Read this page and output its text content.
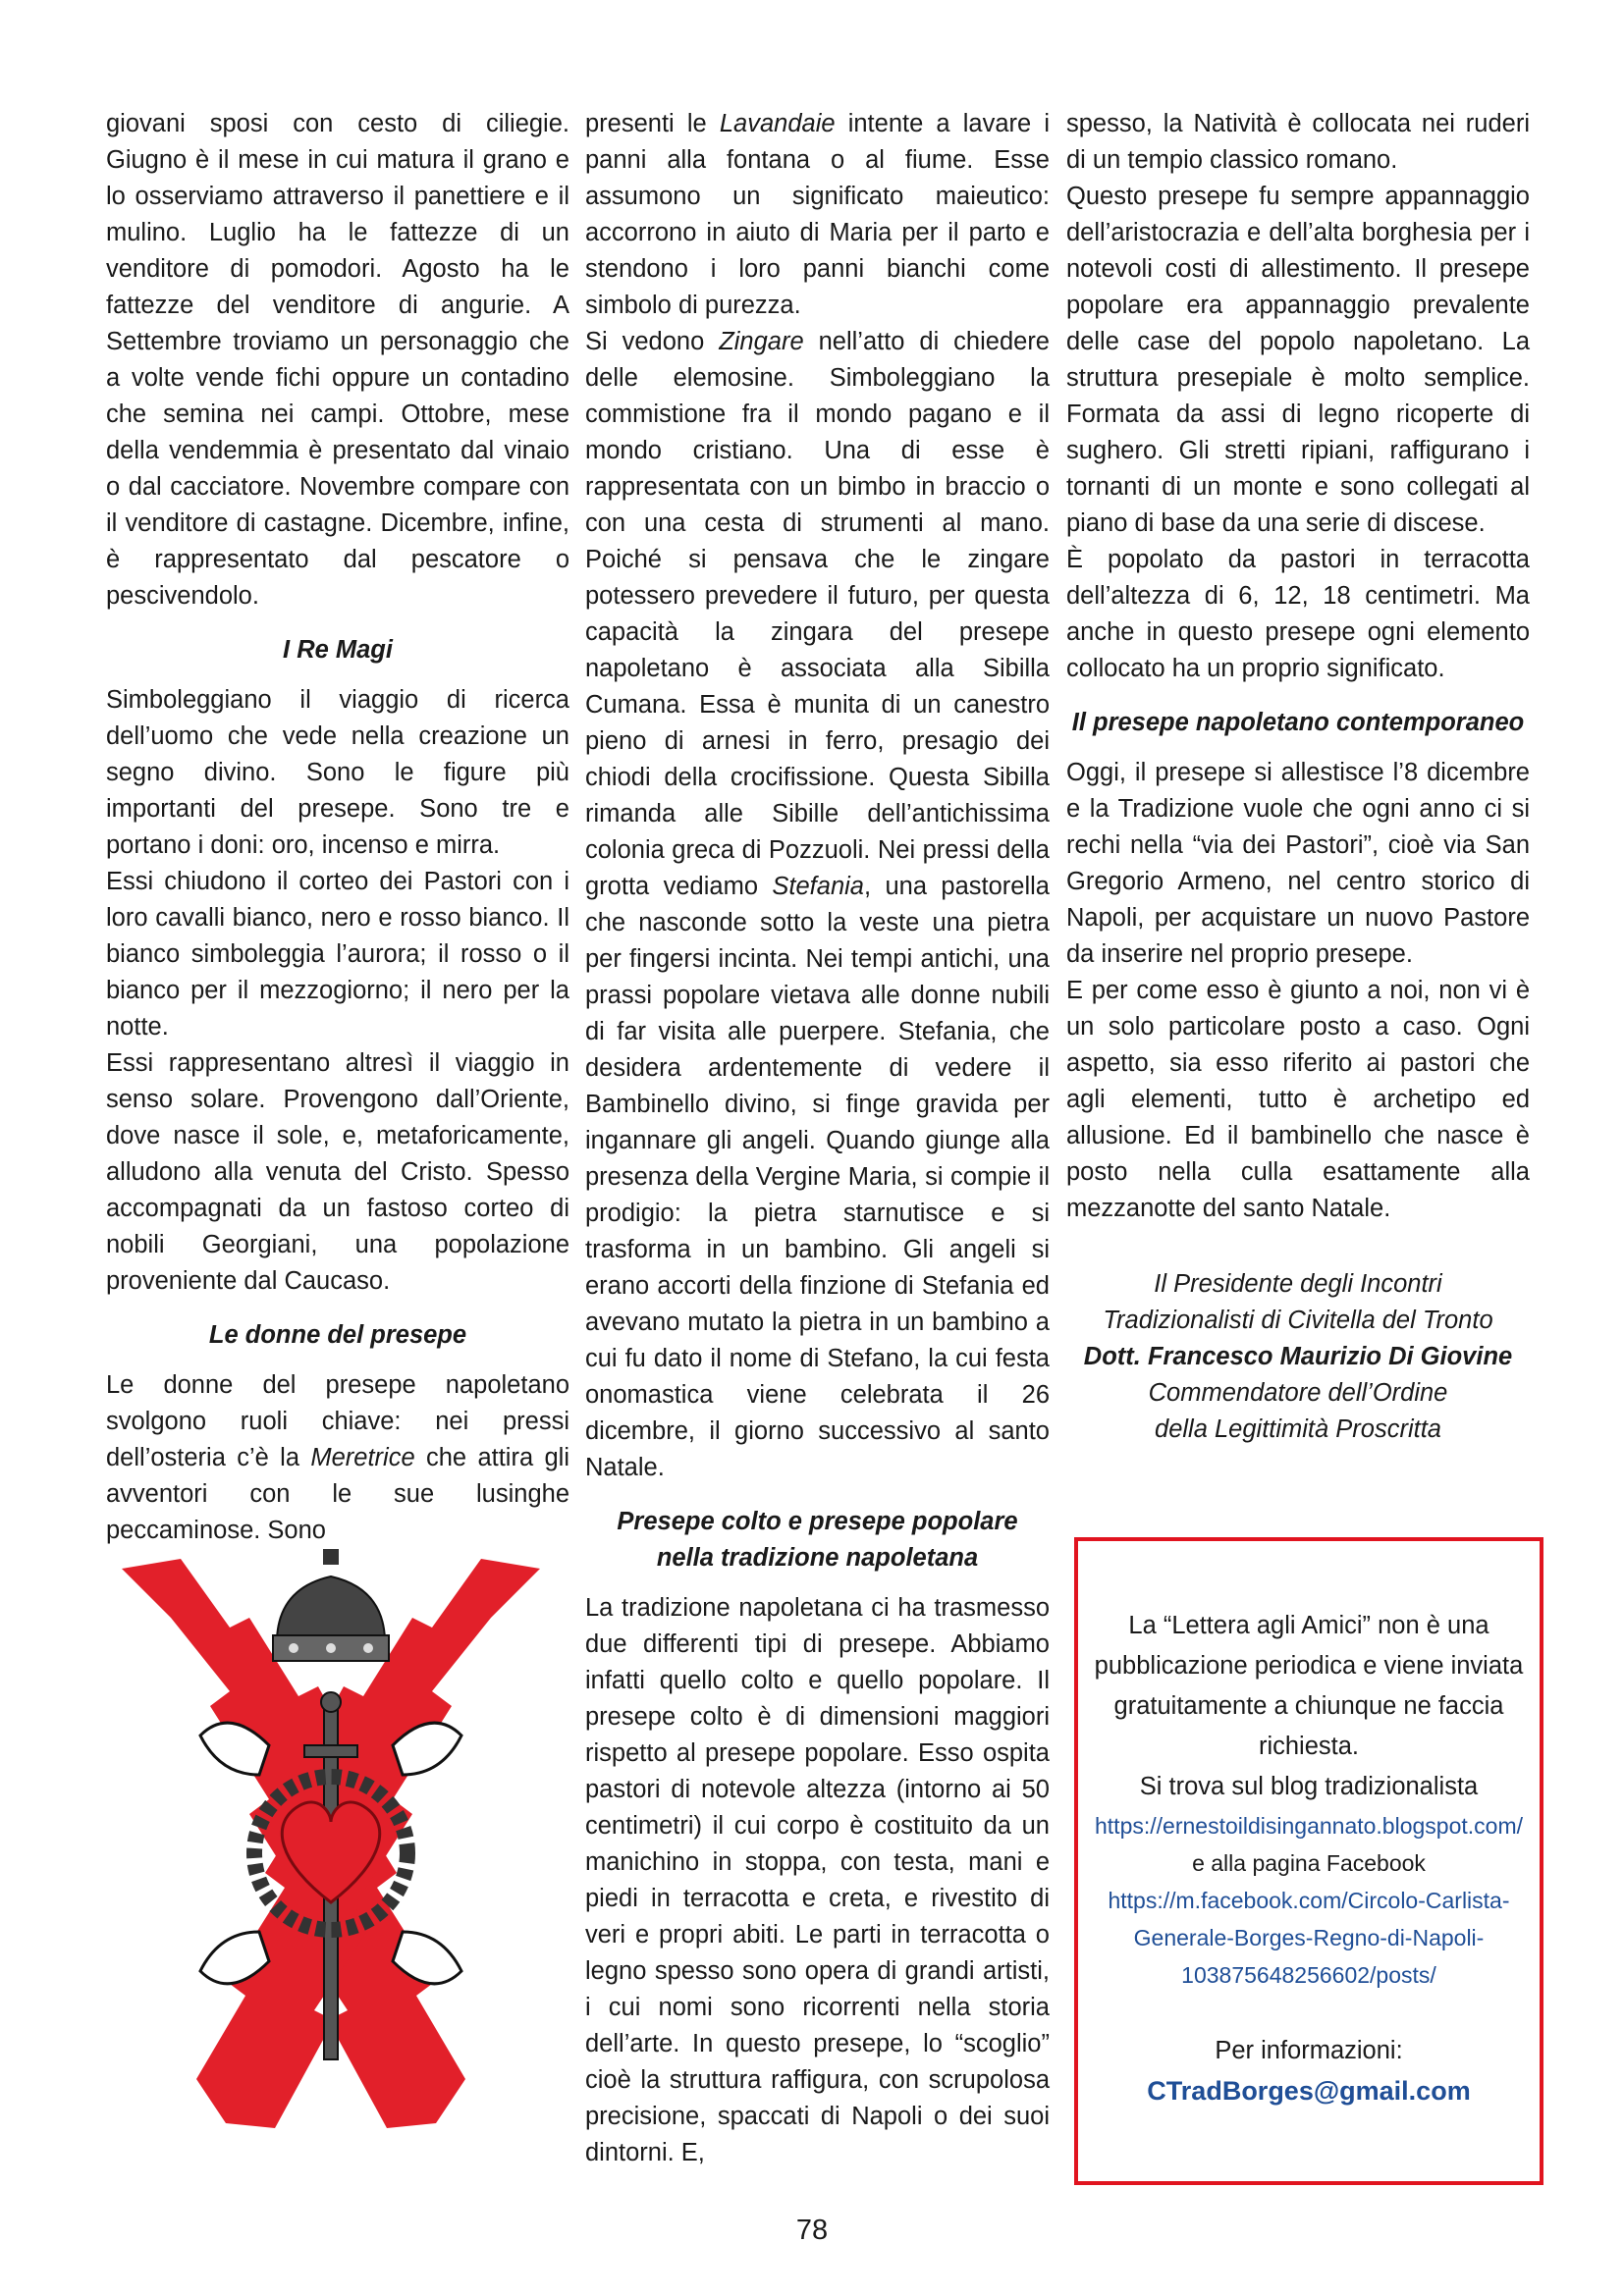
giovani sposi con cesto di ciliegie. Giugno è il mese in cui matura il grano e lo osserviamo attraverso il panettiere e il mulino. Luglio ha le fattezze di un venditore di pomodori. Agosto ha le fattezze del venditore di angurie. A Settembre troviamo un personaggio che a volte vende fichi oppure un contadino che semina nei campi. Ottobre, mese della vendemmia è presentato dal vinaio o dal cacciatore. Novembre compare con il venditore di castagne. Dicembre, infine, è rappresentato dal pescatore o pescivendolo.

I Re Magi

Simboleggiano il viaggio di ricerca dell’uomo che vede nella creazione un segno divino. Sono le figure più importanti del presepe. Sono tre e portano i doni: oro, incenso e mirra.

Essi chiudono il corteo dei Pastori con i loro cavalli bianco, nero e rosso bianco. Il bianco simboleggia l’aurora; il rosso o il bianco per il mezzogiorno; il nero per la notte.

Essi rappresentano altresì il viaggio in senso solare. Provengono dall’Oriente, dove nasce il sole, e, metaforicamente, alludono alla venuta del Cristo. Spesso accompagnati da un fastoso corteo di nobili Georgiani, una popolazione proveniente dal Caucaso.

Le donne del presepe

Le donne del presepe napoletano svolgono ruoli chiave: nei pressi dell’osteria c’è la Meretrice che attira gli avventori con le sue lusinghe peccaminose. Sono

presenti le Lavandaie intente a lavare i panni alla fontana o al fiume. Esse assumono un significato maieutico: accorrono in aiuto di Maria per il parto e stendono i loro panni bianchi come simbolo di purezza.

Si vedono Zingare nell’atto di chiedere delle elemosine. Simboleggiano la commistione fra il mondo pagano e il mondo cristiano. Una di esse è rappresentata con un bimbo in braccio o con una cesta di strumenti al mano. Poiché si pensava che le zingare potessero prevedere il futuro, per questa capacità la zingara del presepe napoletano è associata alla Sibilla Cumana. Essa è munita di un canestro pieno di arnesi in ferro, presagio dei chiodi della crocifissione. Questa Sibilla rimanda alle Sibille dell’antichissima colonia greca di Pozzuoli. Nei pressi della grotta vediamo Stefania, una pastorella che nasconde sotto la veste una pietra per fingersi incinta. Nei tempi antichi, una prassi popolare vietava alle donne nubili di far visita alle puerpere. Stefania, che desidera ardentemente di vedere il Bambinello divino, si finge gravida per ingannare gli angeli. Quando giunge alla presenza della Vergine Maria, si compie il prodigio: la pietra starnutisce e si trasforma in un bambino. Gli angeli si erano accorti della finzione di Stefania ed avevano mutato la pietra in un bambino a cui fu dato il nome di Stefano, la cui festa onomastica viene celebrata il 26 dicembre, il giorno successivo al santo Natale.

Presepe colto e presepe popolare nella tradizione napoletana

La tradizione napoletana ci ha trasmesso due differenti tipi di presepe. Abbiamo infatti quello colto e quello popolare. Il presepe colto è di dimensioni maggiori rispetto al presepe popolare. Esso ospita pastori di notevole altezza (intorno ai 50 centimetri) il cui corpo è costituito da un manichino in stoppa, con testa, mani e piedi in terracotta e creta, e rivestito di veri e propri abiti. Le parti in terracotta o legno spesso sono opera di grandi artisti, i cui nomi sono ricorrenti nella storia dell’arte. In questo presepe, lo “scoglio” cioè la struttura raffigura, con scrupolosa precisione, spaccati di Napoli o dei suoi dintorni. E,

spesso, la Natività è collocata nei ruderi di un tempio classico romano.

Questo presepe fu sempre appannaggio dell’aristocrazia e dell’alta borghesia per i notevoli costi di allestimento. Il presepe popolare era appannaggio prevalente delle case del popolo napoletano. La struttura presepiale è molto semplice. Formata da assi di legno ricoperte di sughero. Gli stretti ripiani, raffigurano i tornanti di un monte e sono collegati al piano di base da una serie di discese.

È popolato da pastori in terracotta dell’altezza di 6, 12, 18 centimetri. Ma anche in questo presepe ogni elemento collocato ha un proprio significato.

Il presepe napoletano contemporaneo

Oggi, il presepe si allestisce l’8 dicembre e la Tradizione vuole che ogni anno ci si rechi nella “via dei Pastori”, cioè via San Gregorio Armeno, nel centro storico di Napoli, per acquistare un nuovo Pastore da inserire nel proprio presepe.

E per come esso è giunto a noi, non vi è un solo particolare posto a caso. Ogni aspetto, sia esso riferito ai pastori che agli elementi, tutto è archetipo ed allusione. Ed il bambinello che nasce è posto nella culla esattamente alla mezzanotte del santo Natale.

Il Presidente degli Incontri

Tradizionalisti di Civitella del Tronto

Dott. Francesco Maurizio Di Giovine

Commendatore dell’Ordine

della Legittimità Proscritta

La “Lettera agli Amici” non è una

pubblicazione periodica e viene inviata

gratuitamente a chiunque ne faccia

richiesta.

Si trova sul blog tradizionalista

https://ernestoildisingannato.blogspot.com/

e alla pagina Facebook

https://m.facebook.com/Circolo-Carlista-

Generale-Borges-Regno-di-Napoli-

103875648256602/posts/

Per informazioni:

CTradBorges@gmail.com

78
